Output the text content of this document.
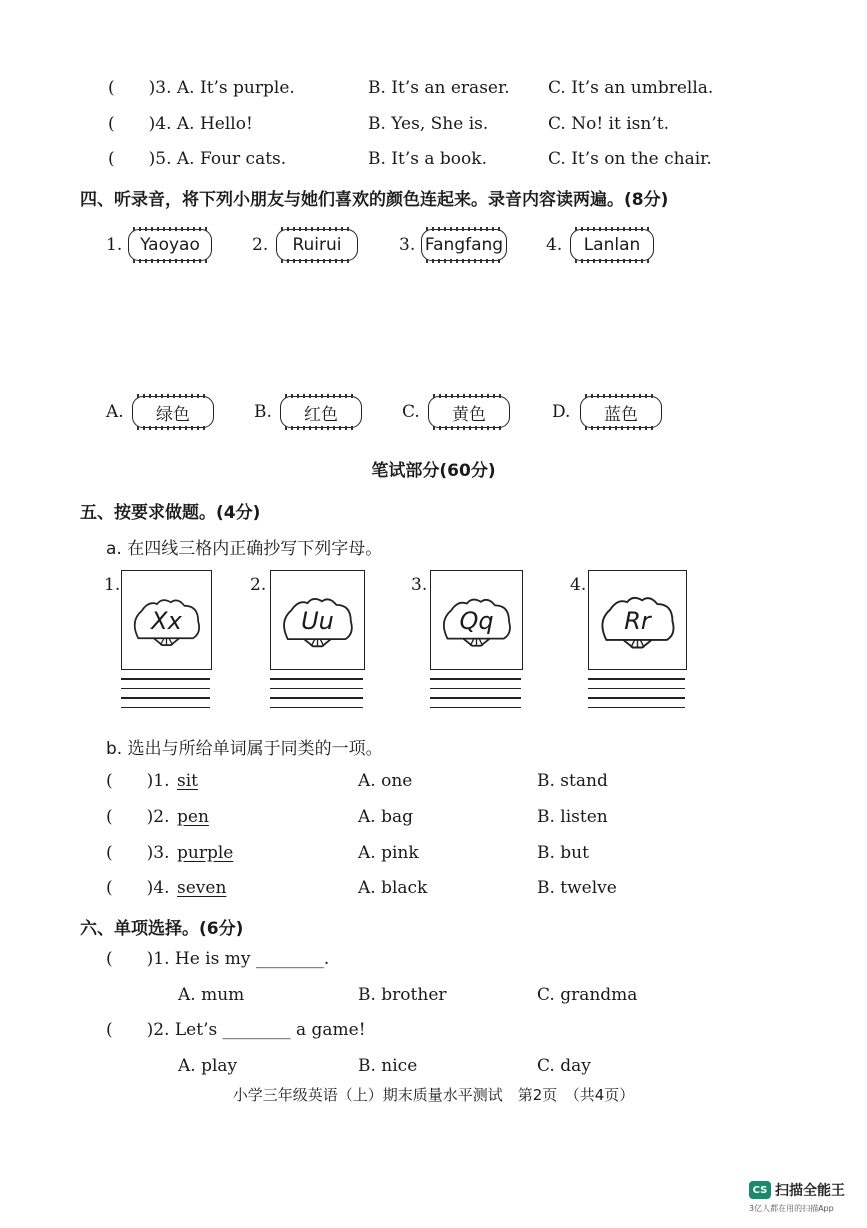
(  )3. A. It’s purple.	B. It’s an eraser. C. It’s an umbrella.
(  )4. A. Hello!	B. Yes, She is.	C. No! it isn’t.
(  )5. A. Four cats.	B. It’s a book.	C. It’s on the chair.
四、听录音，将下列小朋友与她们喜欢的颜色连起来。录音内容读两遍。(8分)
1. Yaoyao	2. Ruirui	3. Fangfang	4. Lanlan
A. 绿色	B. 红色	C. 黄色	D. 蓝色
笔试部分(60分)
五、按要求做题。(4分)
a. 在四线三格内正确抄写下列字母。
1.
Xx
2.
Uu
3.
Qq
4.
Rr
b. 选出与所给单词属于同类的一项。
(  )1. sit	A. one	B. stand
(  )2. pen	A. bag	B. listen
(  )3. purple	A. pink	B. but
(  )4. seven	A. black	B. twelve
六、单项选择。(6分)
(  )1. He is my ________.
A. mum	B. brother	C. grandma
(  )2. Let’s ________ a game!
A. play	B. nice	C. day
小学三年级英语（上）期末质量水平测试　第2页　（共4页）
CS 扫描全能王
3亿人都在用的扫描App
